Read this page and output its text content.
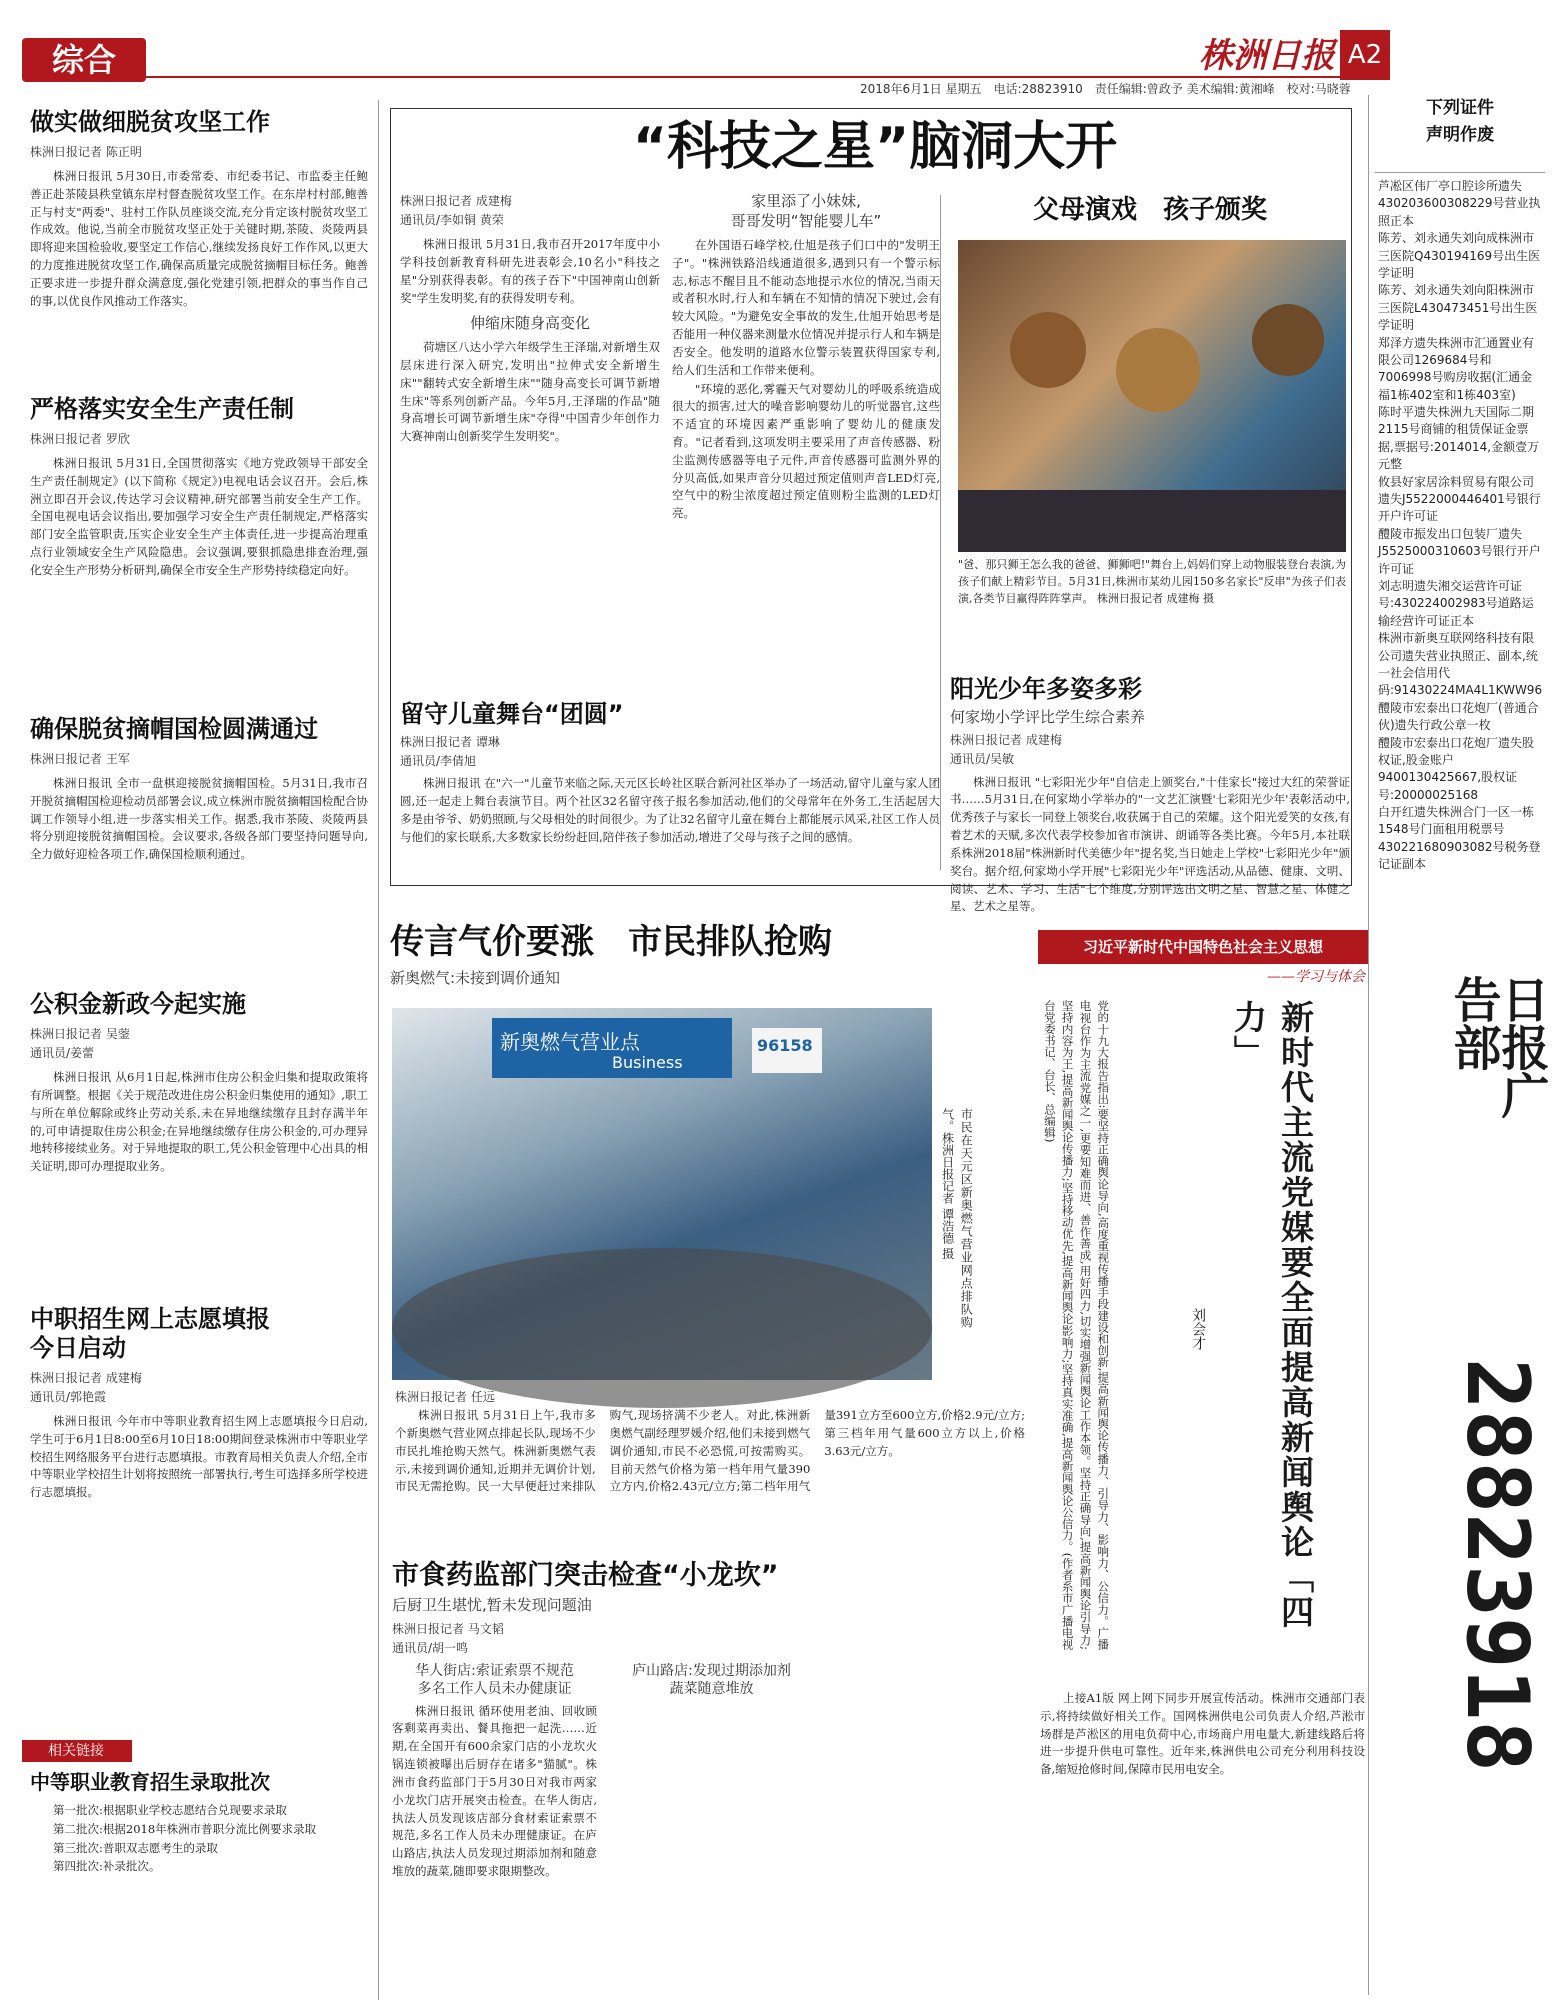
综合	株洲日报 A2
2018年6月1日 星期五　电话:28823910　责任编辑:曾政予 美术编辑:黄湘峰　校对:马晓蓉
做实做细脱贫攻坚工作
株洲日报记者 陈正明

株洲日报讯 5月30日,市委常委、市纪委书记、市监委主任鲍善正赴茶陵县秩堂镇东岸村督查脱贫攻坚工作。在东岸村村部,鲍善正与村支"两委"、驻村工作队员座谈交流,充分肯定该村脱贫攻坚工作成效。他说,当前全市脱贫攻坚正处于关键时期,茶陵、炎陵两县即将迎来国检验收,要坚定工作信心,继续发扬良好工作作风,以更大的力度推进脱贫攻坚工作,确保高质量完成脱贫摘帽目标任务。鲍善正要求进一步提升群众满意度,强化党建引领,把群众的事当作自己的事,以优良作风推动工作落实。

严格落实安全生产责任制
株洲日报记者 罗欣

株洲日报讯 5月31日,全国贯彻落实《地方党政领导干部安全生产责任制规定》(以下简称《规定》)电视电话会议召开。会后,株洲立即召开会议,传达学习会议精神,研究部署当前安全生产工作。全国电视电话会议指出,要加强学习安全生产责任制规定,严格落实部门安全监管职责,压实企业安全生产主体责任,进一步提高治理重点行业领域安全生产风险隐患。会议强调,要狠抓隐患排查治理,强化安全生产形势分析研判,确保全市安全生产形势持续稳定向好。

确保脱贫摘帽国检圆满通过
株洲日报记者 王军

株洲日报讯 全市一盘棋迎接脱贫摘帽国检。5月31日,我市召开脱贫摘帽国检迎检动员部署会议,成立株洲市脱贫摘帽国检配合协调工作领导小组,进一步落实相关工作。据悉,我市茶陵、炎陵两县将分别迎接脱贫摘帽国检。会议要求,各级各部门要坚持问题导向,全力做好迎检各项工作,确保国检顺利通过。

公积金新政今起实施
株洲日报记者 吴蓥
通讯员/姜蕾

株洲日报讯 从6月1日起,株洲市住房公积金归集和提取政策将有所调整。根据《关于规范改进住房公积金归集使用的通知》,职工与所在单位解除或终止劳动关系,未在异地继续缴存且封存满半年的,可申请提取住房公积金;在异地继续缴存住房公积金的,可办理异地转移接续业务。对于异地提取的职工,凭公积金管理中心出具的相关证明,即可办理提取业务。

中职招生网上志愿填报
今日启动
株洲日报记者 成建梅
通讯员/郭艳霞

株洲日报讯 今年市中等职业教育招生网上志愿填报今日启动,学生可于6月1日8:00至6月10日18:00期间登录株洲市中等职业学校招生网络服务平台进行志愿填报。市教育局相关负责人介绍,全市中等职业学校招生计划将按照统一部署执行,考生可选择多所学校进行志愿填报。

相关链接
中等职业教育招生录取批次

第一批次:根据职业学校志愿结合兑现要求录取

第二批次:根据2018年株洲市普职分流比例要求录取

第三批次:普职双志愿考生的录取

第四批次:补录批次。

“科技之星”脑洞大开
株洲日报记者 成建梅
通讯员/李如铜 黄荣

株洲日报讯 5月31日,我市召开2017年度中小学科技创新教育科研先进表彰会,10名小"科技之星"分别获得表彰。有的孩子吞下"中国神南山创新奖"学生发明奖,有的获得发明专利。

伸缩床随身高变化

荷塘区八达小学六年级学生王泽瑞,对新增生双层床进行深入研究,发明出"拉伸式安全新增生床""翻转式安全新增生床""随身高变长可调节新增生床"等系列创新产品。今年5月,王泽瑞的作品"随身高增长可调节新增生床"夺得"中国青少年创作力大赛神南山创新奖学生发明奖"。

家里添了小妹妹,
哥哥发明“智能婴儿车”

在外国语石峰学校,仕旭是孩子们口中的"发明王子"。"株洲铁路沿线通道很多,遇到只有一个警示标志,标志不醒目且不能动态地提示水位的情况,当雨天或者积水时,行人和车辆在不知情的情况下驶过,会有较大风险。"为避免安全事故的发生,仕旭开始思考是否能用一种仪器来测量水位情况并提示行人和车辆是否安全。他发明的道路水位警示装置获得国家专利,给人们生活和工作带来便利。

"环境的恶化,雾霾天气对婴幼儿的呼吸系统造成很大的损害,过大的噪音影响婴幼儿的听觉器官,这些不适宜的环境因素严重影响了婴幼儿的健康发育。"记者看到,这项发明主要采用了声音传感器、粉尘监测传感器等电子元件,声音传感器可监测外界的分贝高低,如果声音分贝超过预定值则声音LED灯亮,空气中的粉尘浓度超过预定值则粉尘监测的LED灯亮。

父母演戏　孩子颁奖
"爸、那只狮王怎么我的爸爸、狮狮吧!"舞台上,妈妈们穿上动物服装登台表演,为孩子们献上精彩节目。5月31日,株洲市某幼儿园150多名家长"反串"为孩子们表演,各类节目赢得阵阵掌声。 株洲日报记者 成建梅 摄
阳光少年多姿多彩
何家坳小学评比学生综合素养
株洲日报记者 成建梅
通讯员/吴敏

株洲日报讯 "七彩阳光少年"自信走上颁奖台,"十佳家长"接过大红的荣誉证书……5月31日,在何家坳小学举办的"一文艺汇演暨'七彩阳光少年'表彰活动中,优秀孩子与家长一同登上领奖台,收获属于自己的荣耀。这个阳光爱笑的女孩,有着艺术的天赋,多次代表学校参加省市演讲、朗诵等各类比赛。今年5月,本社联系株洲2018届"株洲新时代美德少年"提名奖,当日她走上学校"七彩阳光少年"颁奖台。据介绍,何家坳小学开展"七彩阳光少年"评选活动,从品德、健康、文明、阅读、艺术、学习、生活"七个维度,分别评选出文明之星、智慧之星、体健之星、艺术之星等。

留守儿童舞台“团圆”
株洲日报记者 谭琳
通讯员/李倩旭

株洲日报讯 在"六一"儿童节来临之际,天元区长岭社区联合新河社区举办了一场活动,留守儿童与家人团圆,还一起走上舞台表演节目。两个社区32名留守孩子报名参加活动,他们的父母常年在外务工,生活起居大多是由爷爷、奶奶照顾,与父母相处的时间很少。为了让32名留守儿童在舞台上都能展示风采,社区工作人员与他们的家长联系,大多数家长纷纷赶回,陪伴孩子参加活动,增进了父母与孩子之间的感情。

传言气价要涨　市民排队抢购
新奥燃气:未接到调价通知
新奥燃气营业点
Business
96158
市民在天元区新奥燃气营业网点排队购气。株洲日报记者 谭浩德 摄
株洲日报记者 任远

株洲日报讯 5月31日上午,我市多个新奥燃气营业网点排起长队,现场不少市民扎堆抢购天然气。株洲新奥燃气表示,未接到调价通知,近期并无调价计划,市民无需抢购。民一大早便赶过来排队购气,现场挤满不少老人。对此,株洲新奥燃气副经理罗媛介绍,他们未接到燃气调价通知,市民不必恐慌,可按需购买。目前天然气价格为第一档年用气量390立方内,价格2.43元/立方;第二档年用气量391立方至600立方,价格2.9元/立方;第三档年用气量600立方以上,价格3.63元/立方。

市食药监部门突击检查“小龙坎”
后厨卫生堪忧,暂未发现问题油
株洲日报记者 马文韬
通讯员/胡一鸣
华人街店:索证索票不规范
多名工作人员未办健康证

株洲日报讯 循环使用老油、回收顾客剩菜再卖出、餐具拖把一起洗……近期,在全国开有600余家门店的小龙坎火锅连锁被曝出后厨存在诸多"猫腻"。株洲市食药监部门于5月30日对我市两家小龙坎门店开展突击检查。在华人街店,执法人员发现该店部分食材索证索票不规范,多名工作人员未办理健康证。在庐山路店,执法人员发现过期添加剂和随意堆放的蔬菜,随即要求限期整改。

庐山路店:发现过期添加剂
蔬菜随意堆放
习近平新时代中国特色社会主义思想
——学习与体会
党的十九大报告指出:要坚持正确舆论导向,高度重视传播手段建设和创新,提高新闻舆论传播力、引导力、影响力、公信力。广播电视台作为主流党媒之一,更要知难而进、善作善成,用好四力,切实增强新闻舆论工作本领。坚持正确导向,提高新闻舆论引导力;坚持内容为王,提高新闻舆论传播力;坚持移动优先,提高新闻舆论影响力;坚持真实准确,提高新闻舆论公信力。(作者系市广播电视台党委书记、台长、总编辑)	新时代主流党媒要全面提高新闻舆论「四力」
刘会才

上接A1版 网上网下同步开展宣传活动。株洲市交通部门表示,将持续做好相关工作。国网株洲供电公司负责人介绍,芦淞市场群是芦淞区的用电负荷中心,市场商户用电量大,新建线路后将进一步提升供电可靠性。近年来,株洲供电公司充分利用科技设备,缩短抢修时间,保障市民用电安全。

下列证件
声明作废
芦凇区伟厂亭口腔诊所遗失430203600308229号营业执照正本
陈芳、刘永通失刘向成株洲市三医院Q430194169号出生医学证明
陈芳、刘永通失刘向阳株洲市三医院L430473451号出生医学证明
郑泽方遗失株洲市汇通置业有限公司1269684号和7006998号购房收据(汇通金福1栋402室和1栋403室)
陈时平遗失株洲九天国际二期2115号商铺的租赁保证金票据,票据号:2014014,金额壹万元整
攸县好家居涂料贸易有限公司遗失J5522000446401号银行开户许可证
醴陵市振发出口包装厂遗失J5525000310603号银行开户许可证
刘志明遗失湘交运营许可证号:430224002983号道路运输经营许可证正本
株洲市新奥互联网络科技有限公司遗失营业执照正、副本,统一社会信用代码:91430224MA4L1KWW96
醴陵市宏泰出口花炮厂(普通合伙)遗失行政公章一枚
醴陵市宏泰出口花炮厂遗失股权证,股金账户9400130425667,股权证号:20000025168
白开红遗失株洲合门一区一栋1548号门面租用税票号430221680903082号税务登记证副本
日报广告部
28823918
